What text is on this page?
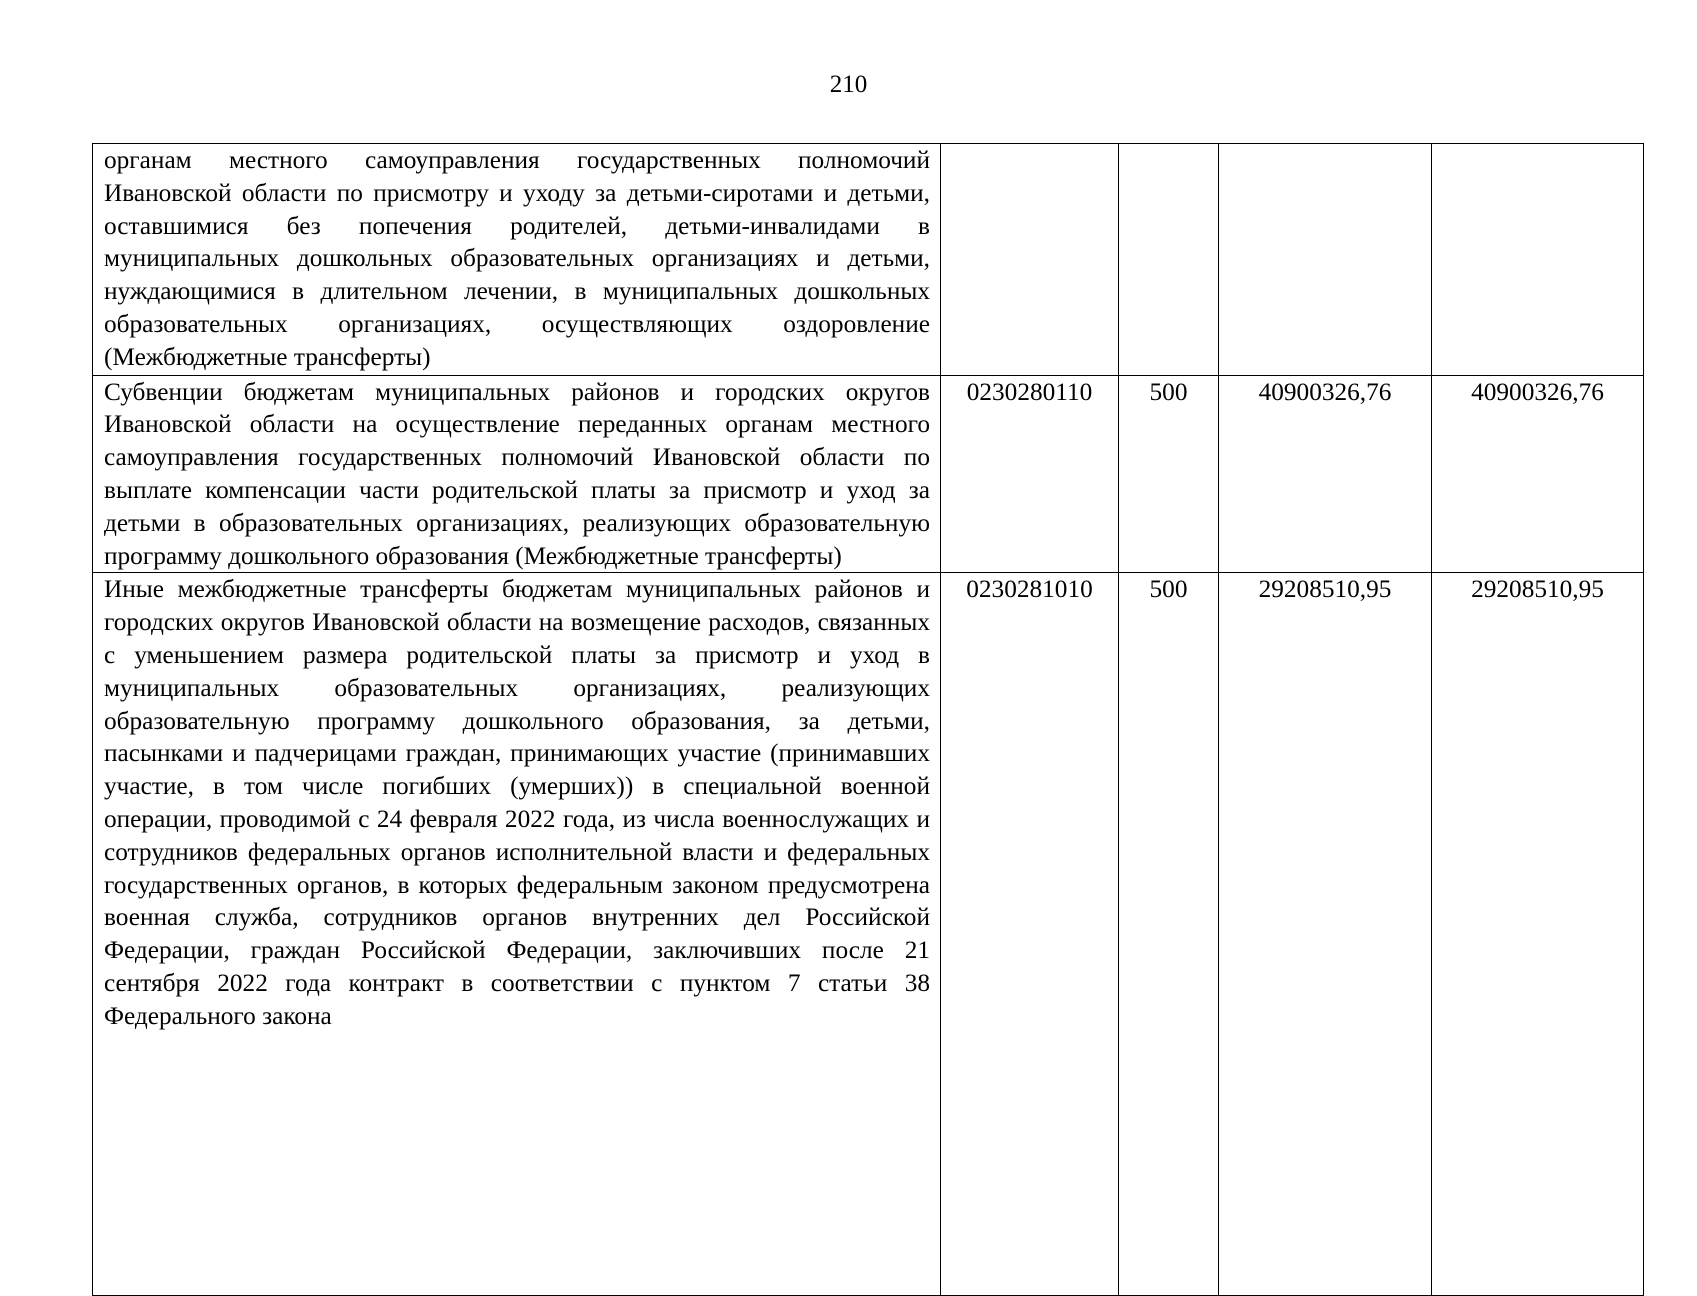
210
органам местного самоуправления государственных полномочий Ивановской области по присмотру и уходу за детьми-сиротами и детьми, оставшимися без попечения родителей, детьми-инвалидами в муниципальных дошкольных образовательных организациях и детьми, нуждающимися в длительном лечении, в муниципальных дошкольных образовательных организациях, осуществляющих оздоровление (Межбюджетные трансферты)				

Субвенции бюджетам муниципальных районов и городских округов Ивановской области на осуществление переданных органам местного самоуправления государственных полномочий Ивановской области по выплате компенсации части родительской платы за присмотр и уход за детьми в образовательных организациях, реализующих образовательную программу дошкольного образования (Межбюджетные трансферты)	0230280110	500	40900326,76	40900326,76

Иные межбюджетные трансферты бюджетам муниципальных районов и городских округов Ивановской области на возмещение расходов, связанных с уменьшением размера родительской платы за присмотр и уход в муниципальных образовательных организациях, реализующих образовательную программу дошкольного образования, за детьми, пасынками и падчерицами граждан, принимающих участие (принимавших участие, в том числе погибших (умерших)) в специальной военной операции, проводимой с 24 февраля 2022 года, из числа военнослужащих и сотрудников федеральных органов исполнительной власти и федеральных государственных органов, в которых федеральным законом предусмотрена военная служба, сотрудников органов внутренних дел Российской Федерации, граждан Российской Федерации, заключивших после 21 сентября 2022 года контракт в соответствии с пунктом 7 статьи 38 Федерального закона	0230281010	500	29208510,95	29208510,95
